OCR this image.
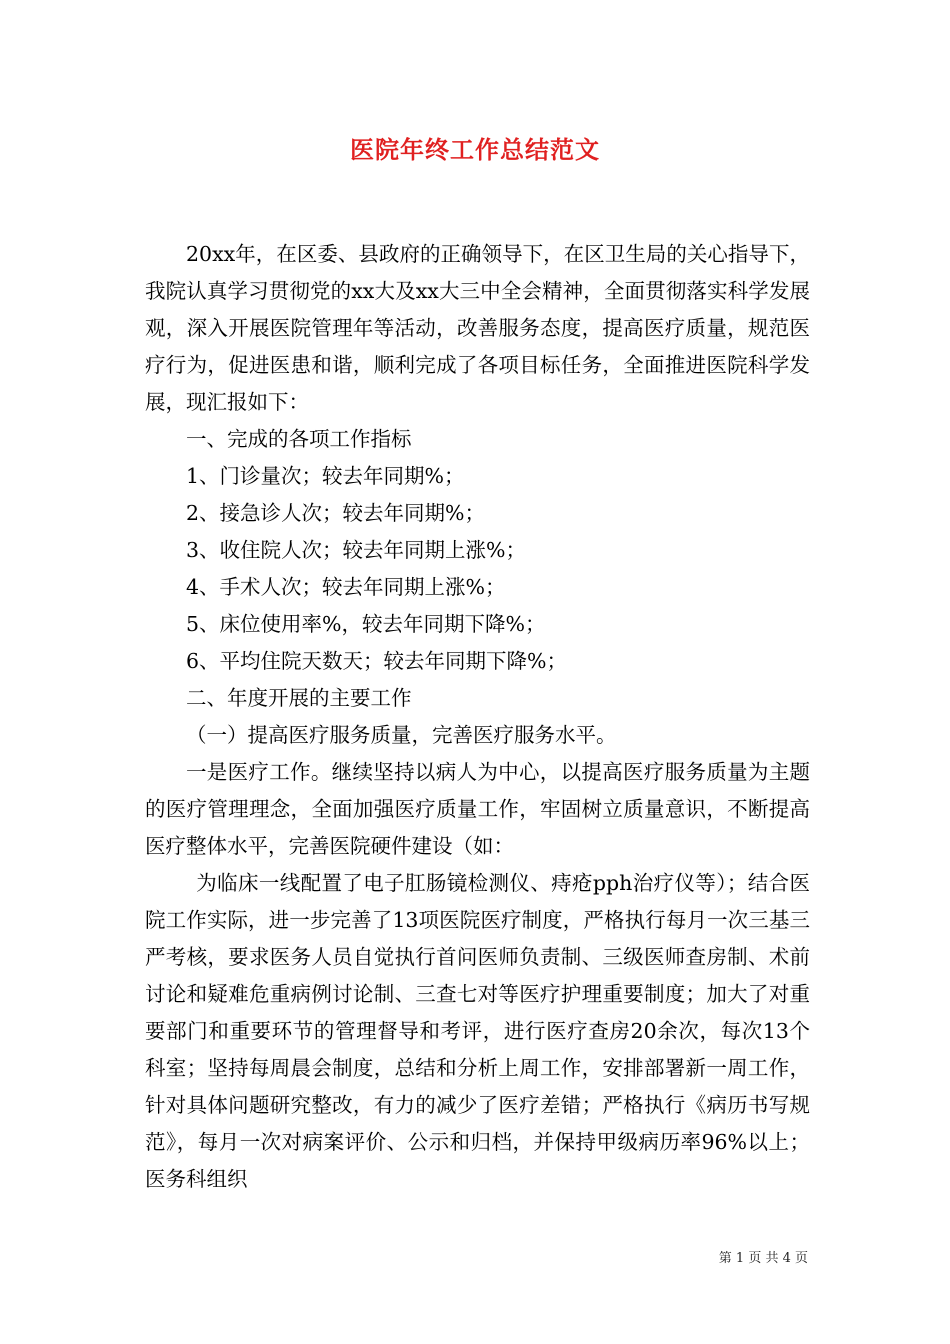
医院年终工作总结范文

20xx年，在区委、县政府的正确领导下，在区卫生局的关心指导下，我院认真学习贯彻党的xx大及xx大三中全会精神，全面贯彻落实科学发展观，深入开展医院管理年等活动，改善服务态度，提高医疗质量，规范医疗行为，促进医患和谐，顺利完成了各项目标任务，全面推进医院科学发展，现汇报如下：

一、完成的各项工作指标

1、门诊量次；较去年同期%；

2、接急诊人次；较去年同期%；

3、收住院人次；较去年同期上涨%；

4、手术人次；较去年同期上涨%；

5、床位使用率%，较去年同期下降%；

6、平均住院天数天；较去年同期下降%；

二、年度开展的主要工作

（一）提高医疗服务质量，完善医疗服务水平。

一是医疗工作。继续坚持以病人为中心，以提高医疗服务质量为主题的医疗管理理念，全面加强医疗质量工作，牢固树立质量意识，不断提高医疗整体水平，完善医院硬件建设（如：

为临床一线配置了电子肛肠镜检测仪、痔疮pph治疗仪等）；结合医院工作实际，进一步完善了13项医院医疗制度，严格执行每月一次三基三严考核，要求医务人员自觉执行首问医师负责制、三级医师查房制、术前讨论和疑难危重病例讨论制、三查七对等医疗护理重要制度；加大了对重要部门和重要环节的管理督导和考评，进行医疗查房20余次，每次13个科室；坚持每周晨会制度，总结和分析上周工作，安排部署新一周工作，针对具体问题研究整改，有力的减少了医疗差错；严格执行《病历书写规范》，每月一次对病案评价、公示和归档，并保持甲级病历率96%以上；医务科组织

第 1 页 共 4 页
